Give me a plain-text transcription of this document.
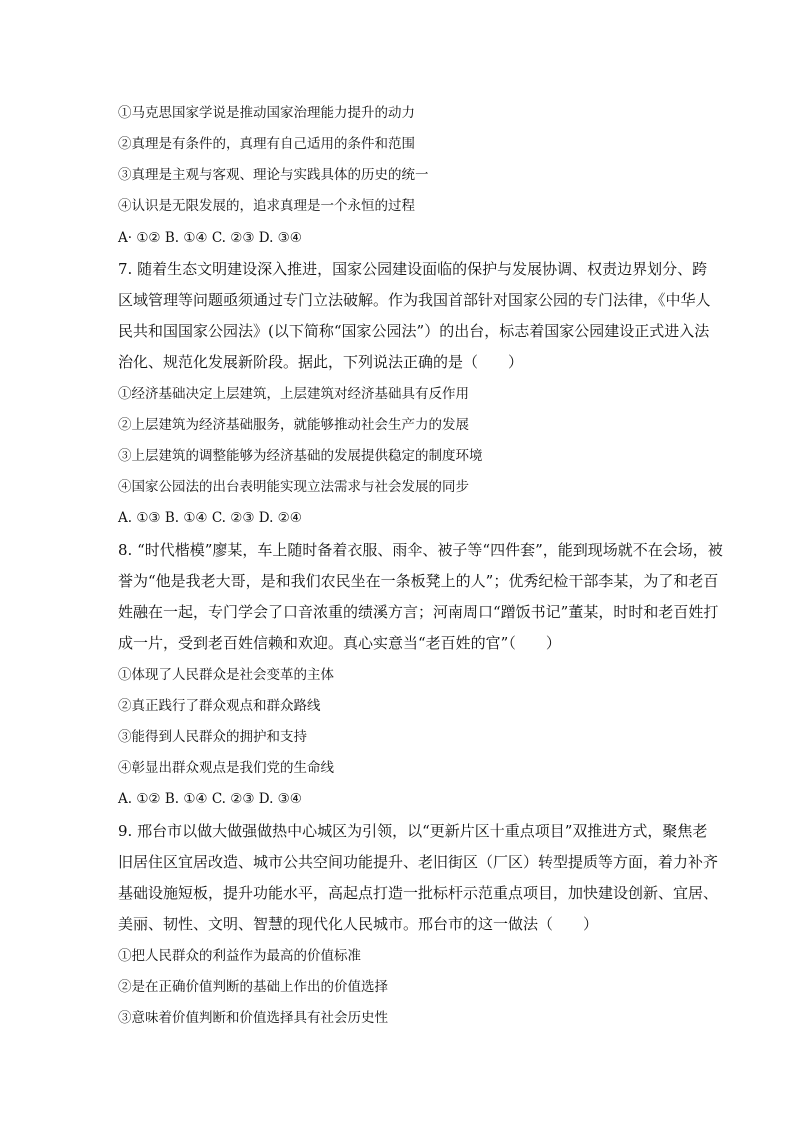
①马克思国家学说是推动国家治理能力提升的动力
②真理是有条件的，真理有自己适用的条件和范围
③真理是主观与客观、理论与实践具体的历史的统一
④认识是无限发展的，追求真理是一个永恒的过程
A· ①② B. ①④ C. ②③ D. ③④
7. 随着生态文明建设深入推进，国家公园建设面临的保护与发展协调、权责边界划分、跨
区域管理等问题亟须通过专门立法破解。作为我国首部针对国家公园的专门法律，《中华人
民共和国国家公园法》(以下简称“国家公园法”）的出台，标志着国家公园建设正式进入法
治化、规范化发展新阶段。据此，下列说法正确的是（　　）
①经济基础决定上层建筑，上层建筑对经济基础具有反作用
②上层建筑为经济基础服务，就能够推动社会生产力的发展
③上层建筑的调整能够为经济基础的发展提供稳定的制度环境
④国家公园法的出台表明能实现立法需求与社会发展的同步
A. ①③ B. ①④ C. ②③ D. ②④
8. “时代楷模”廖某，车上随时备着衣服、雨伞、被子等“四件套”，能到现场就不在会场，被
誉为“他是我老大哥，是和我们农民坐在一条板凳上的人”；优秀纪检干部李某，为了和老百
姓融在一起，专门学会了口音浓重的绩溪方言；河南周口“蹭饭书记”董某，时时和老百姓打
成一片，受到老百姓信赖和欢迎。真心实意当“老百姓的官”（　　）
①体现了人民群众是社会变革的主体
②真正践行了群众观点和群众路线
③能得到人民群众的拥护和支持
④彰显出群众观点是我们党的生命线
A. ①② B. ①④ C. ②③ D. ③④
9. 邢台市以做大做强做热中心城区为引领，以“更新片区十重点项目”双推进方式，聚焦老
旧居住区宜居改造、城市公共空间功能提升、老旧街区（厂区）转型提质等方面，着力补齐
基础设施短板，提升功能水平，高起点打造一批标杆示范重点项目，加快建设创新、宜居、
美丽、韧性、文明、智慧的现代化人民城市。邢台市的这一做法（　　）
①把人民群众的利益作为最高的价值标准
②是在正确价值判断的基础上作出的价值选择
③意味着价值判断和价值选择具有社会历史性
